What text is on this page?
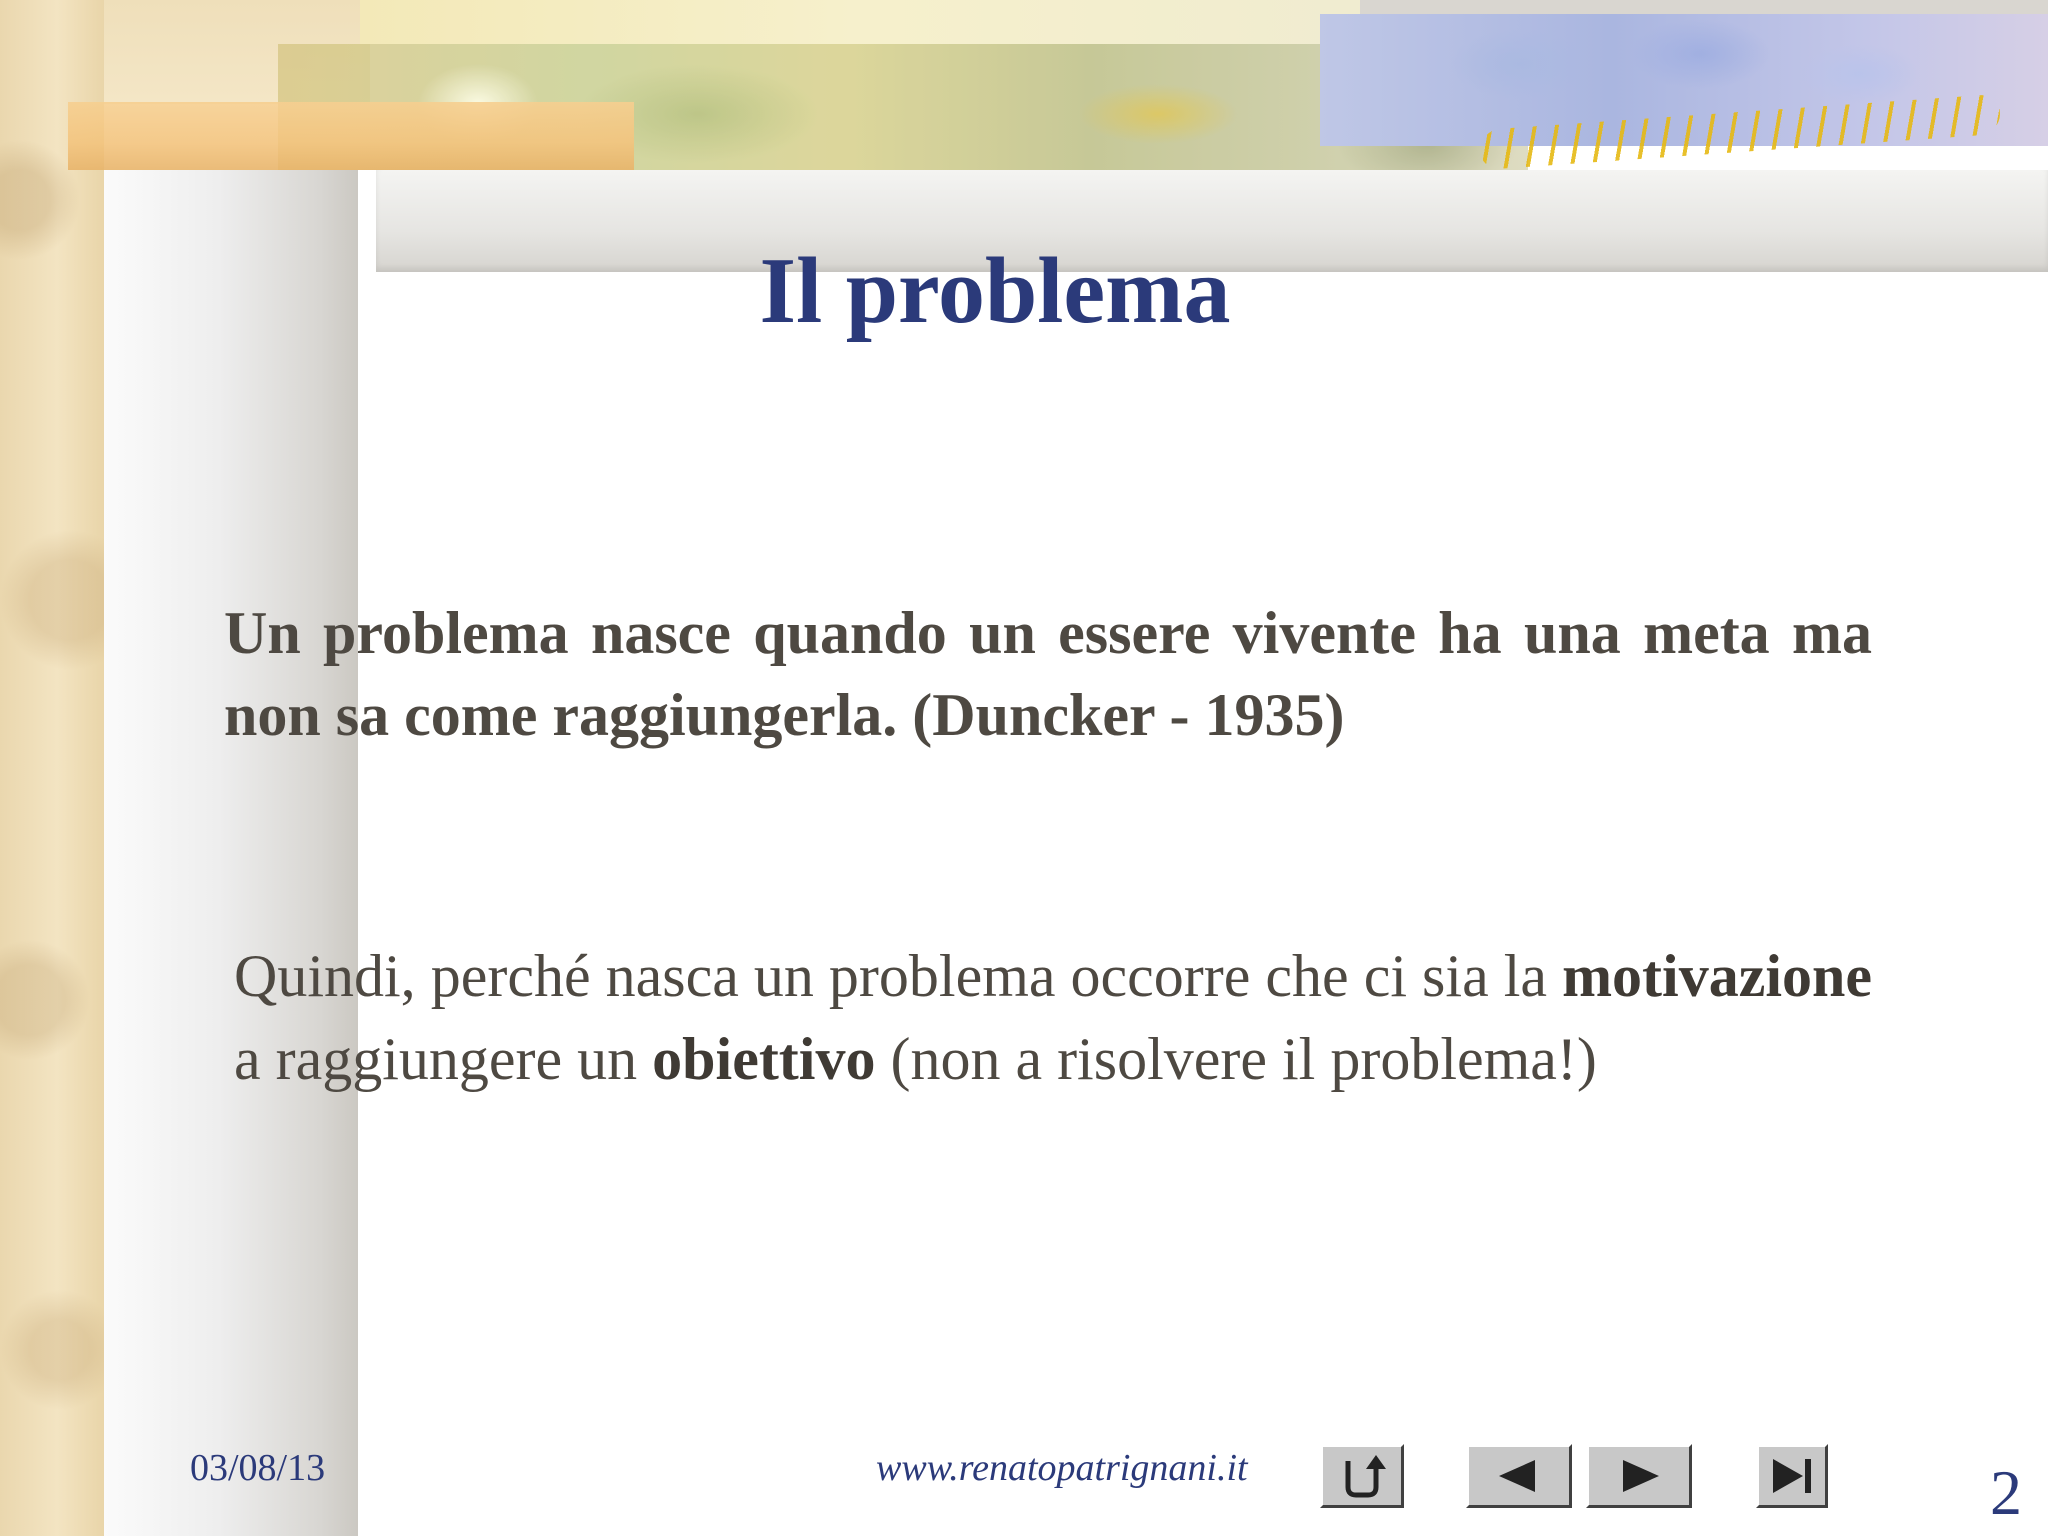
Il problema

Un problema nasce quando un essere vivente ha una meta ma non sa come raggiungerla. (Duncker - 1935)

Quindi, perché nasca un problema occorre che ci sia la motivazione a raggiungere un obiettivo (non a risolvere il problema!)

03/08/13	www.renatopatrignani.it	2
